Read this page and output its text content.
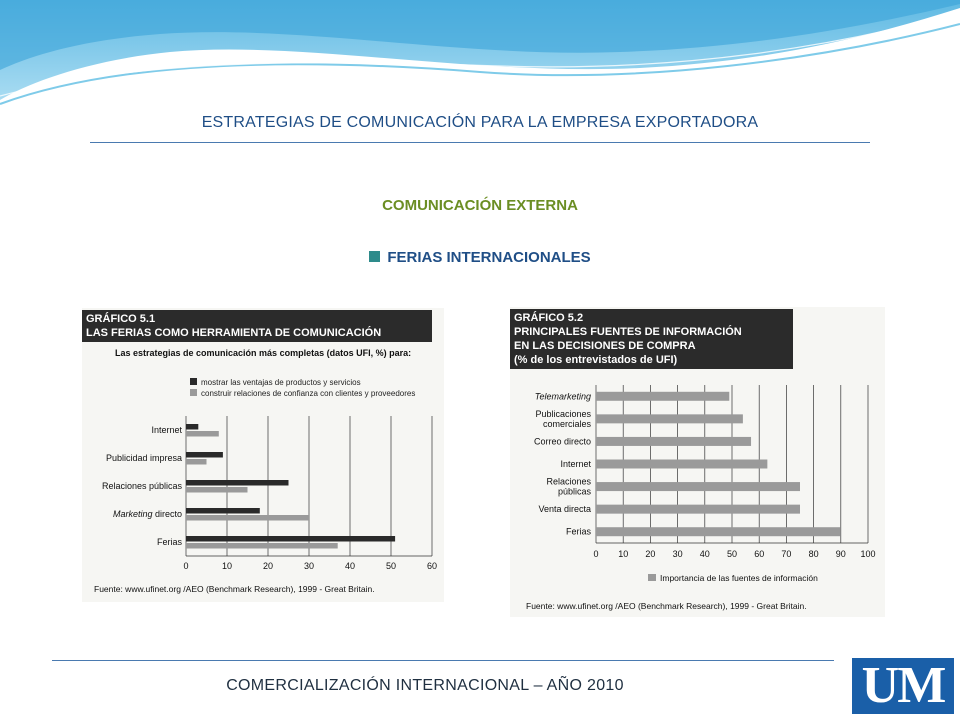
ESTRATEGIAS DE COMUNICACIÓN PARA LA EMPRESA EXPORTADORA
COMUNICACIÓN EXTERNA
FERIAS INTERNACIONALES
GRÁFICO 5.1
LAS FERIAS COMO HERRAMIENTA DE COMUNICACIÓN
Las estrategias de comunicación más completas (datos UFI, %) para:
mostrar las ventajas de productos y servicios
construir relaciones de confianza con clientes y proveedores
0	10	20	30	40	50	60
Internet
Publicidad impresa
Relaciones públicas
Marketing directo
Ferias
Fuente: www.ufinet.org /AEO (Benchmark Research), 1999 - Great Britain.
GRÁFICO 5.2
PRINCIPALES FUENTES DE INFORMACIÓN
EN LAS DECISIONES DE COMPRA
(% de los entrevistados de UFI)
0 10 20 30 40 50 60 70 80 90 100
Telemarketing
Publicaciones
comerciales
Correo directo
Internet
Relaciones
públicas
Venta directa
Ferias
Importancia de las fuentes de información
Fuente: www.ufinet.org /AEO (Benchmark Research), 1999 - Great Britain.
COMERCIALIZACIÓN INTERNACIONAL – AÑO 2010	UM
